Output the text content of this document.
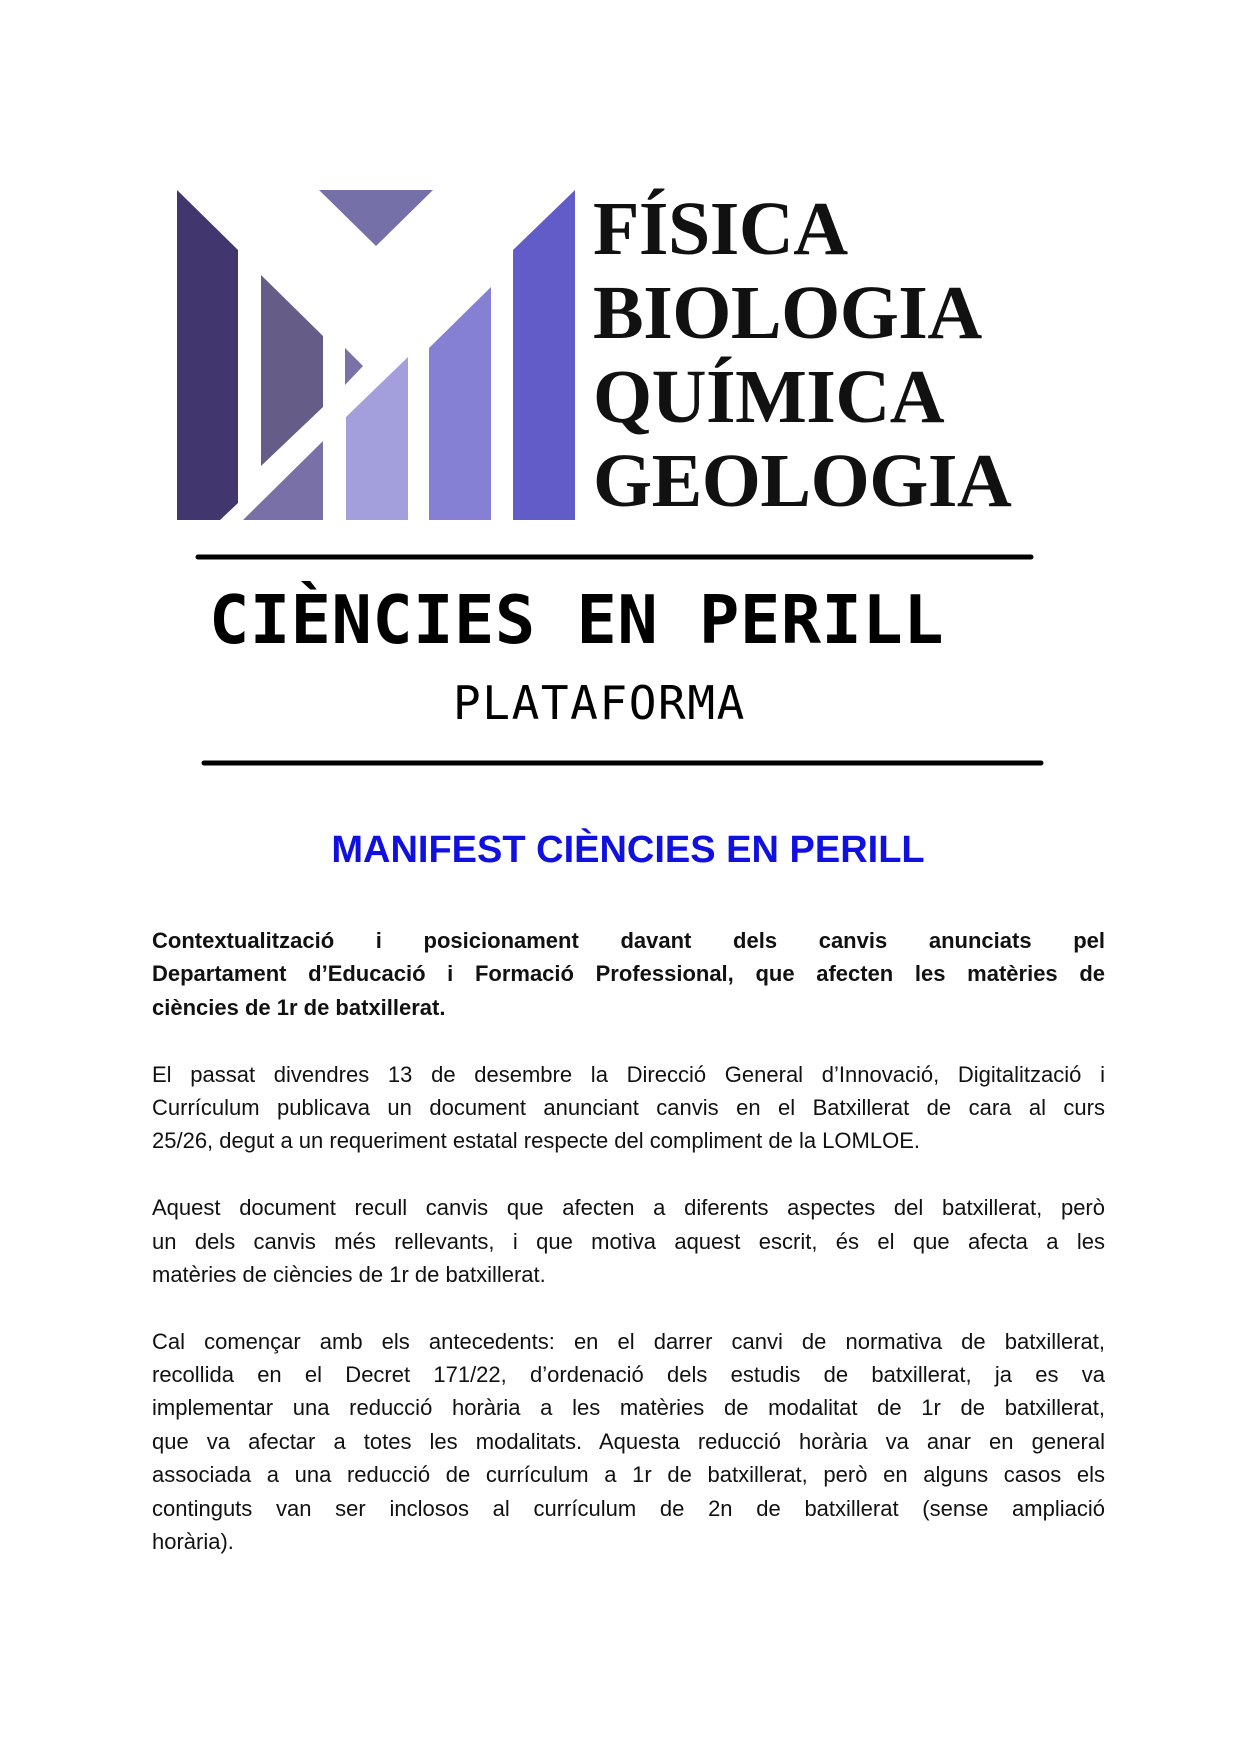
FÍSICA
BIOLOGIA
QUÍMICA
GEOLOGIA
CIÈNCIES EN PERILL
PLATAFORMA
MANIFEST CIÈNCIES EN PERILL

Contextualització i posicionament davant dels canvis anunciats pel
Departament d’Educació i Formació Professional, que afecten les matèries de
ciències de 1r de batxillerat.

El passat divendres 13 de desembre la Direcció General d’Innovació, Digitalització i
Currículum publicava un document anunciant canvis en el Batxillerat de cara al curs
25/26, degut a un requeriment estatal respecte del compliment de la LOMLOE.

Aquest document recull canvis que afecten a diferents aspectes del batxillerat, però
un dels canvis més rellevants, i que motiva aquest escrit, és el que afecta a les
matèries de ciències de 1r de batxillerat.

Cal començar amb els antecedents: en el darrer canvi de normativa de batxillerat,
recollida en el Decret 171/22, d’ordenació dels estudis de batxillerat, ja es va
implementar una reducció horària a les matèries de modalitat de 1r de batxillerat,
que va afectar a totes les modalitats. Aquesta reducció horària va anar en general
associada a una reducció de currículum a 1r de batxillerat, però en alguns casos els
continguts van ser inclosos al currículum de 2n de batxillerat (sense ampliació
horària).
